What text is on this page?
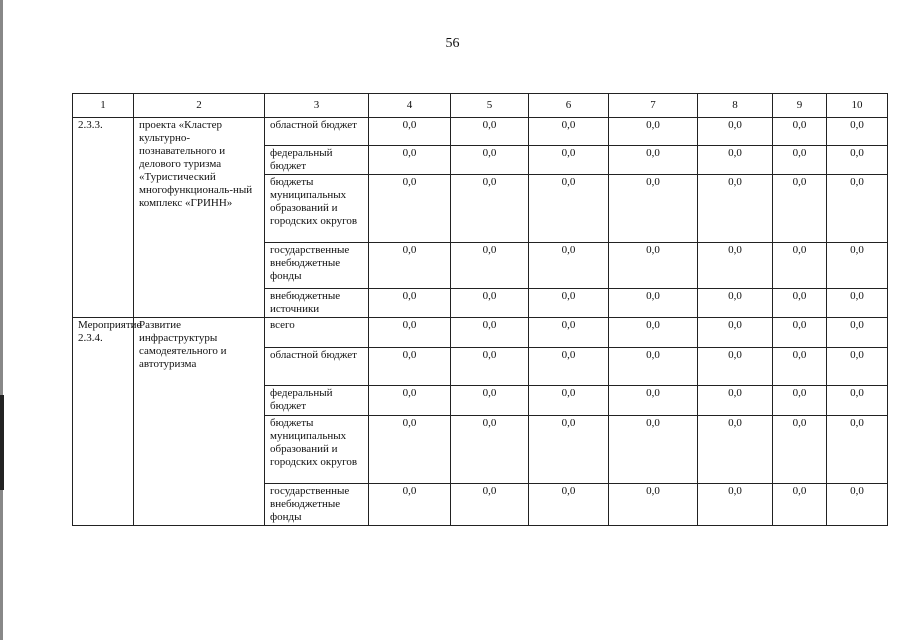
56
1	2	3	4	5	6	7	8	9	10
2.3.3.	проекта «Кластер культурно-познавательного и делового туризма «Туристический многофункциональ-ный комплекс «ГРИНН»	областной бюджет	0,0	0,0	0,0	0,0	0,0	0,0	0,0
		федеральный бюджет	0,0	0,0	0,0	0,0	0,0	0,0	0,0
		бюджеты муниципальных образований и городских округов	0,0	0,0	0,0	0,0	0,0	0,0	0,0
		государственные внебюджетные фонды	0,0	0,0	0,0	0,0	0,0	0,0	0,0
		внебюджетные источники	0,0	0,0	0,0	0,0	0,0	0,0	0,0
Мероприятие 2.3.4.	Развитие инфраструктуры самодеятельного и автотуризма	всего	0,0	0,0	0,0	0,0	0,0	0,0	0,0
		областной бюджет	0,0	0,0	0,0	0,0	0,0	0,0	0,0
		федеральный бюджет	0,0	0,0	0,0	0,0	0,0	0,0	0,0
		бюджеты муниципальных образований и городских округов	0,0	0,0	0,0	0,0	0,0	0,0	0,0
		государственные внебюджетные фонды	0,0	0,0	0,0	0,0	0,0	0,0	0,0
